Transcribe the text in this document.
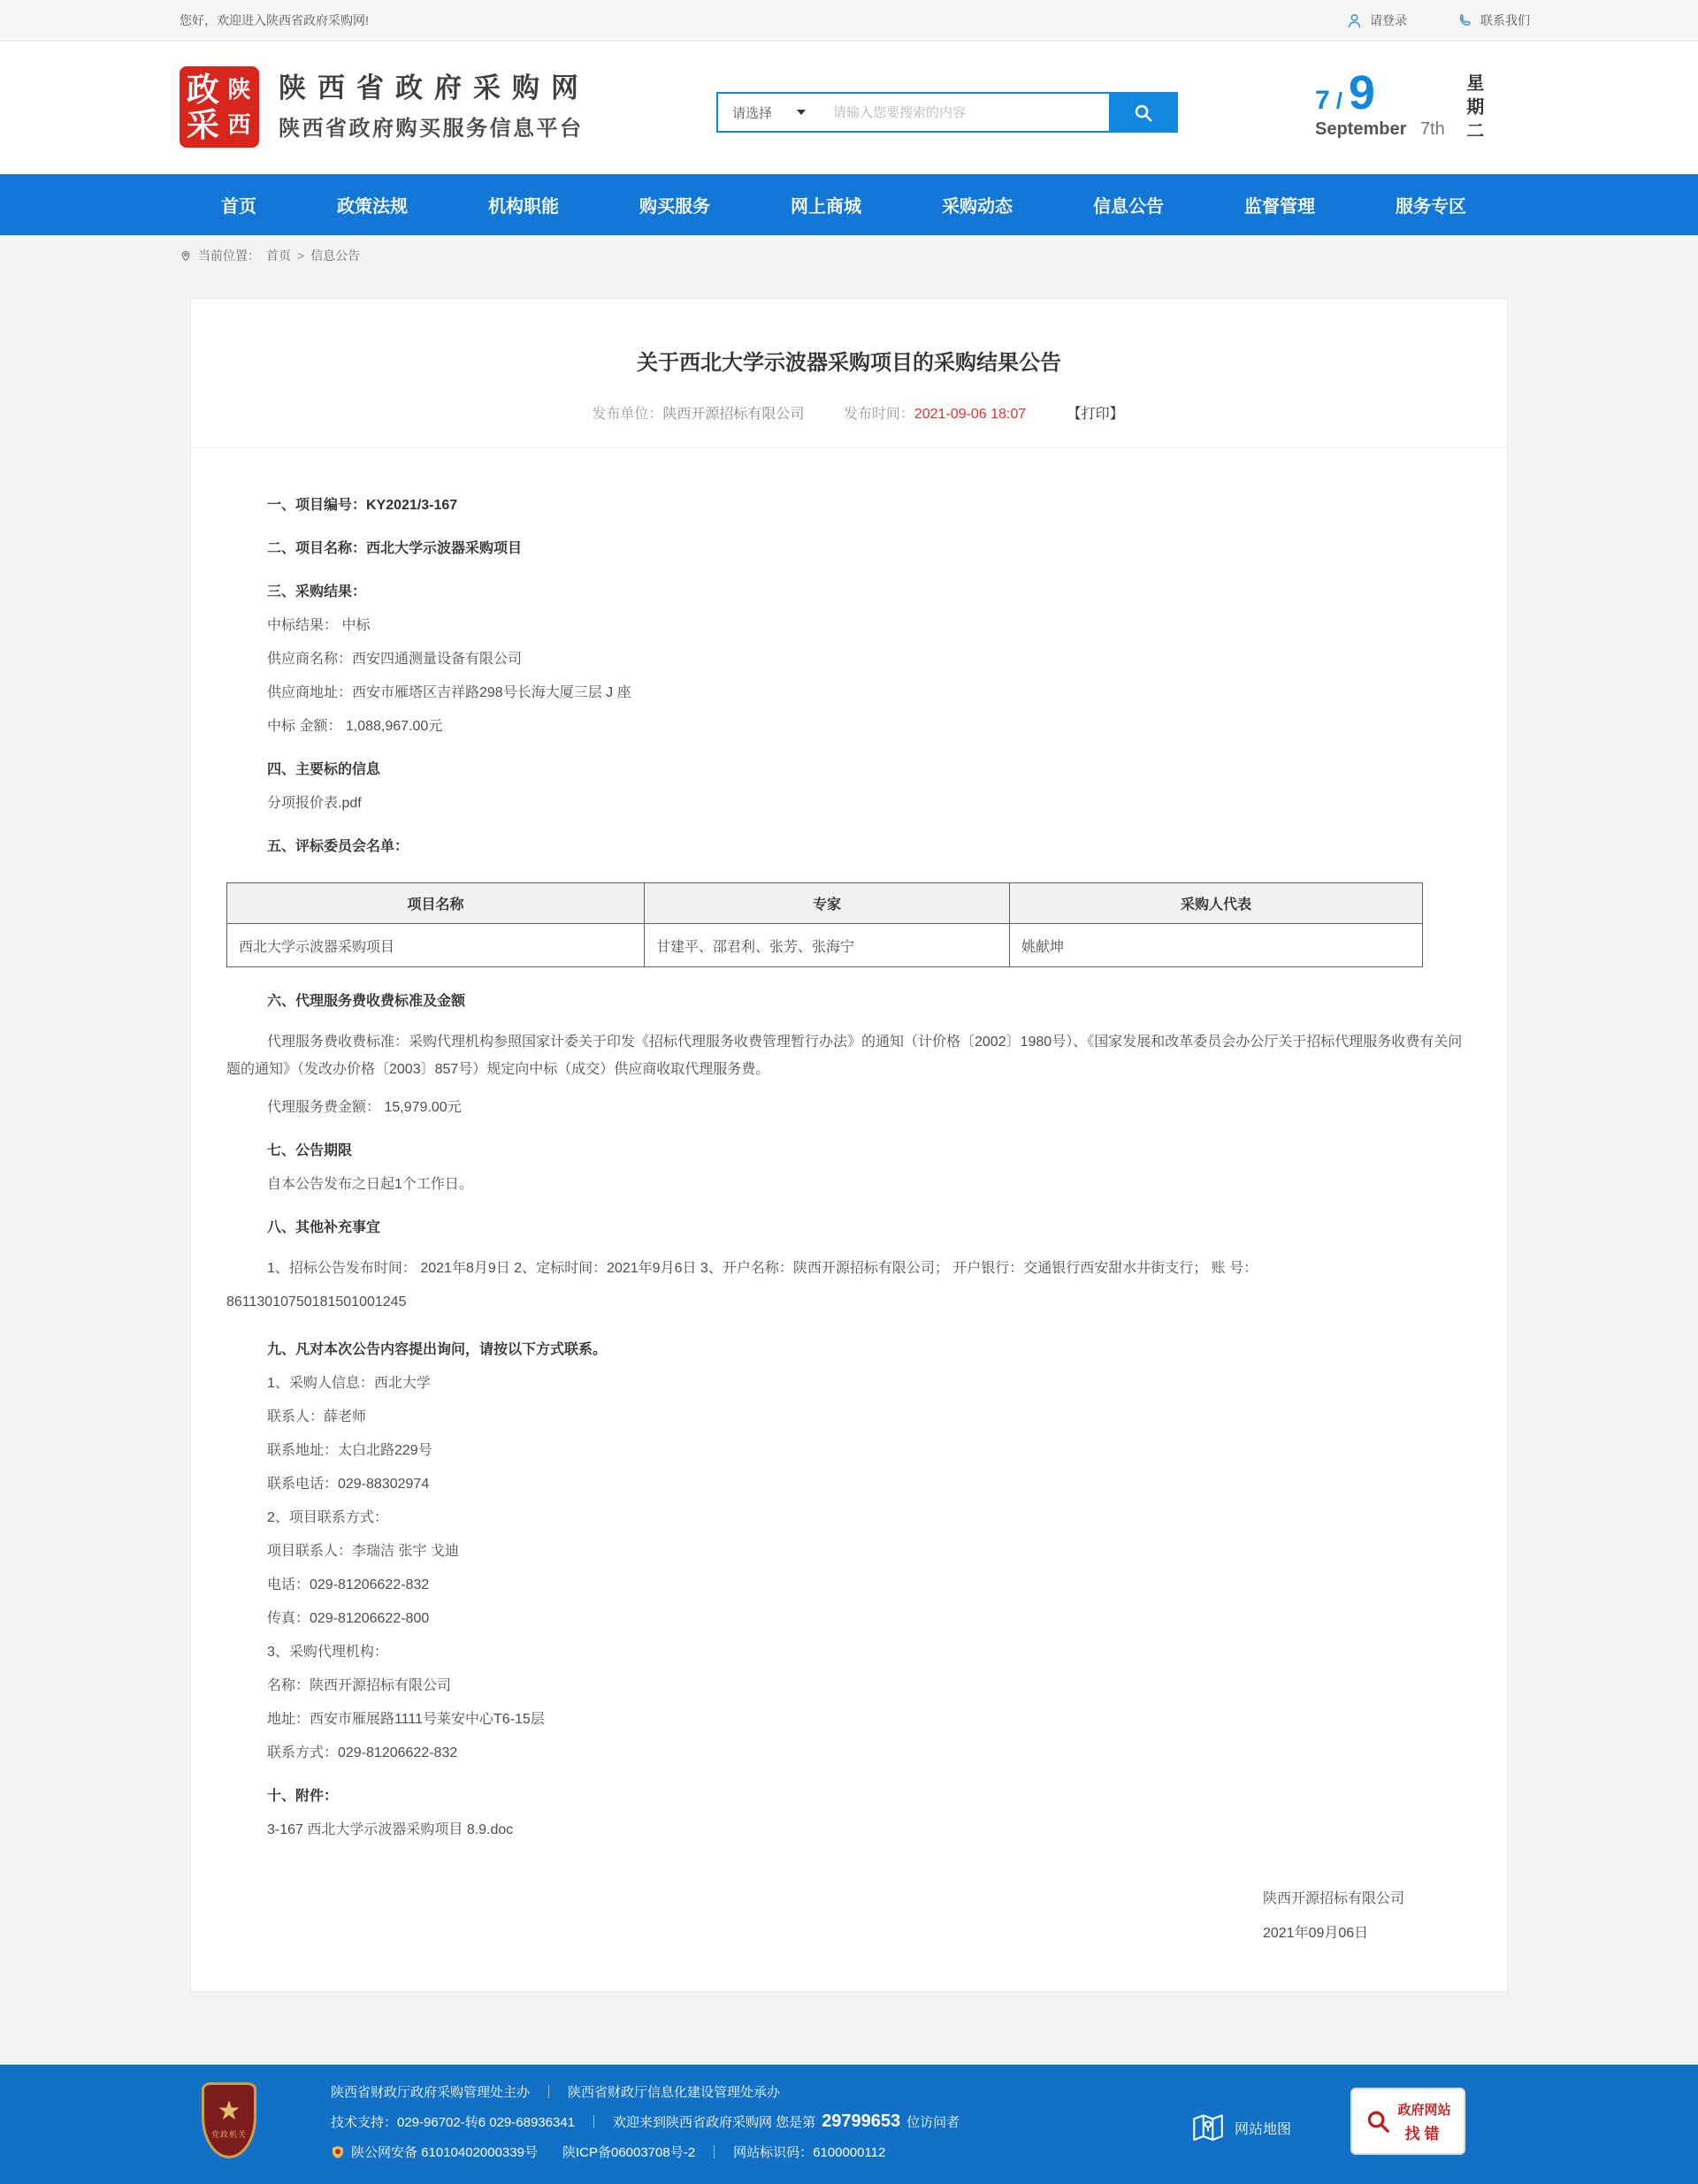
您好，欢迎进入陕西省政府采购网!	请登录	联系我们
政 陕
采 西
陕西省政府采购网
陕西省政府购买服务信息平台
请选择
请输入您要搜索的内容	7 / 9
September 7th 星期二
首页	政策法规	机构职能	购买服务	网上商城	采购动态	信息公告	监督管理	服务专区
当前位置： 首页 > 信息公告
关于西北大学示波器采购项目的采购结果公告
发布单位：陕西开源招标有限公司	发布时间：2021-09-06 18:07	【打印】

一、项目编号：KY2021/3-167

二、项目名称：西北大学示波器采购项目

三、采购结果：

中标结果： 中标

供应商名称：西安四通测量设备有限公司

供应商地址：西安市雁塔区吉祥路298号长海大厦三层 J 座

中标 金额： 1,088,967.00元

四、主要标的信息

分项报价表.pdf

五、评标委员会名单：

项目名称	专家	采购人代表
西北大学示波器采购项目	甘建平、邵君利、张芳、张海宁	姚献坤

六、代理服务费收费标准及金额

代理服务费收费标准：采购代理机构参照国家计委关于印发《招标代理服务收费管理暂行办法》的通知（计价格〔2002〕1980号）、《国家发展和改革委员会办公厅关于招标代理服务收费有关问题的通知》（发改办价格〔2003〕857号）规定向中标（成交）供应商收取代理服务费。

代理服务费金额： 15,979.00元

七、公告期限

自本公告发布之日起1个工作日。

八、其他补充事宜

1、招标公告发布时间： 2021年8月9日 2、定标时间：2021年9月6日 3、开户名称：陕西开源招标有限公司； 开户银行：交通银行西安甜水井街支行； 账 号：

86113010750181501001245

九、凡对本次公告内容提出询问，请按以下方式联系。

1、采购人信息：西北大学

联系人：薛老师

联系地址：太白北路229号

联系电话：029-88302974

2、项目联系方式：

项目联系人：李瑞洁 张宇 戈迪

电话：029-81206622-832

传真：029-81206622-800

3、采购代理机构：

名称：陕西开源招标有限公司

地址：西安市雁展路1111号莱安中心T6-15层

联系方式：029-81206622-832

十、附件：

3-167 西北大学示波器采购项目 8.9.doc

陕西开源招标有限公司

2021年09月06日

★
党政机关
陕西省财政厅政府采购管理处主办 ｜ 陕西省财政厅信息化建设管理处承办
技术支持：029-96702-转6 029-68936341 ｜ 欢迎来到陕西省政府采购网 您是第 29799653 位访问者
陕公网安备 61010402000339号 陕ICP备06003708号-2 ｜ 网站标识码：6100000112
网站地图
政府网站
找错
